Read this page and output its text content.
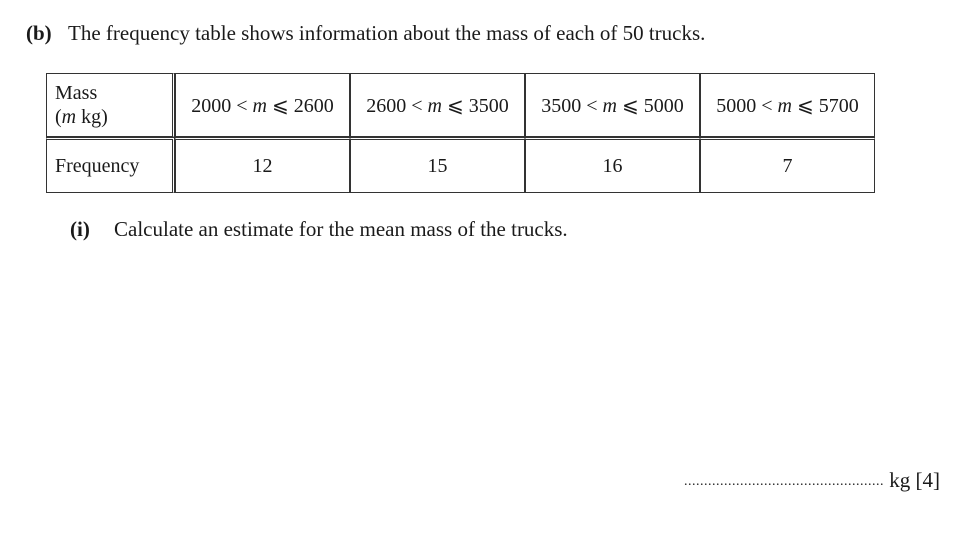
(b) The frequency table shows information about the mass of each of 50 trucks.
Mass
(m kg)	2000 < m ⩽ 2600	2600 < m ⩽ 3500	3500 < m ⩽ 5000	5000 < m ⩽ 5700
Frequency	12	15	16	7
(i) Calculate an estimate for the mean mass of the trucks.
.................................................. kg [4]
